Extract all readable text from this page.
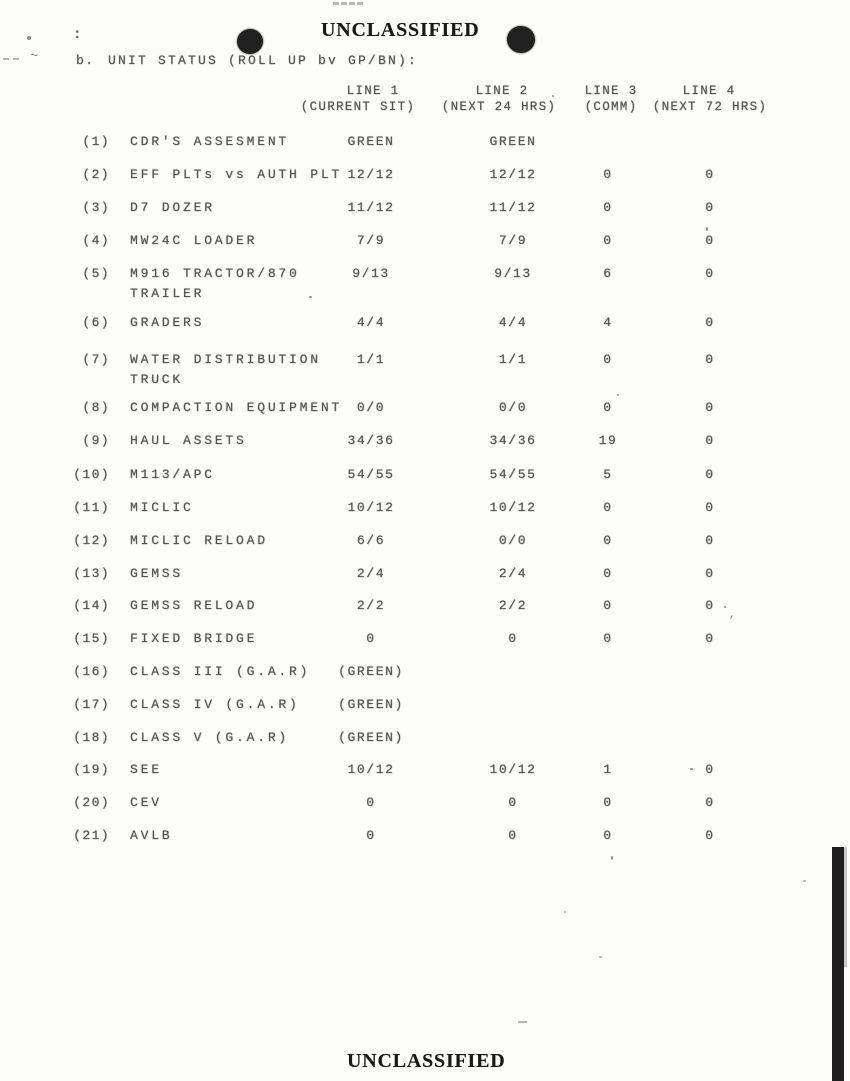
UNCLASSIFIED
:
~	b. UNIT STATUS (ROLL UP bv GP/BN):
LINE 1	LINE 2	LINE 3	LINE 4
(CURRENT SIT) (NEXT 24 HRS) (COMM) (NEXT 72 HRS)
(1) CDR'S ASSESMENT	GREEN	GREEN
(2) EFF PLTs vs AUTH PLT 12/12	12/12	0	0
(3) D7 DOZER	11/12	11/12	0	0
(4) MW24C LOADER	7/9	7/9	0	0
(5) M916 TRACTOR/870 TRAILER
9/13	9/13	6	0
(6) GRADERS	4/4	4/4	4	0
(7) WATER DISTRIBUTION TRUCK
1/1	1/1	0	0
(8) COMPACTION EQUIPMENT	0/0	0/0	0	0
(9) HAUL ASSETS	34/36	34/36	19	0
(10) M113/APC	54/55	54/55	5	0
(11) MICLIC	10/12	10/12	0	0
(12) MICLIC RELOAD	6/6	0/0	0	0
(13) GEMSS	2/4	2/4	0	0
(14) GEMSS RELOAD	2/2	2/2	0	0
(15) FIXED BRIDGE	0	0	0	0
(16) CLASS III (G.A.R)	(GREEN)
(17) CLASS IV (G.A.R)	(GREEN)
(18) CLASS V (G.A.R)	(GREEN)
(19) SEE	10/12	10/12	1	0
(20) CEV	0	0	0	0
(21) AVLB	0	0	0	0
,
UNCLASSIFIED
